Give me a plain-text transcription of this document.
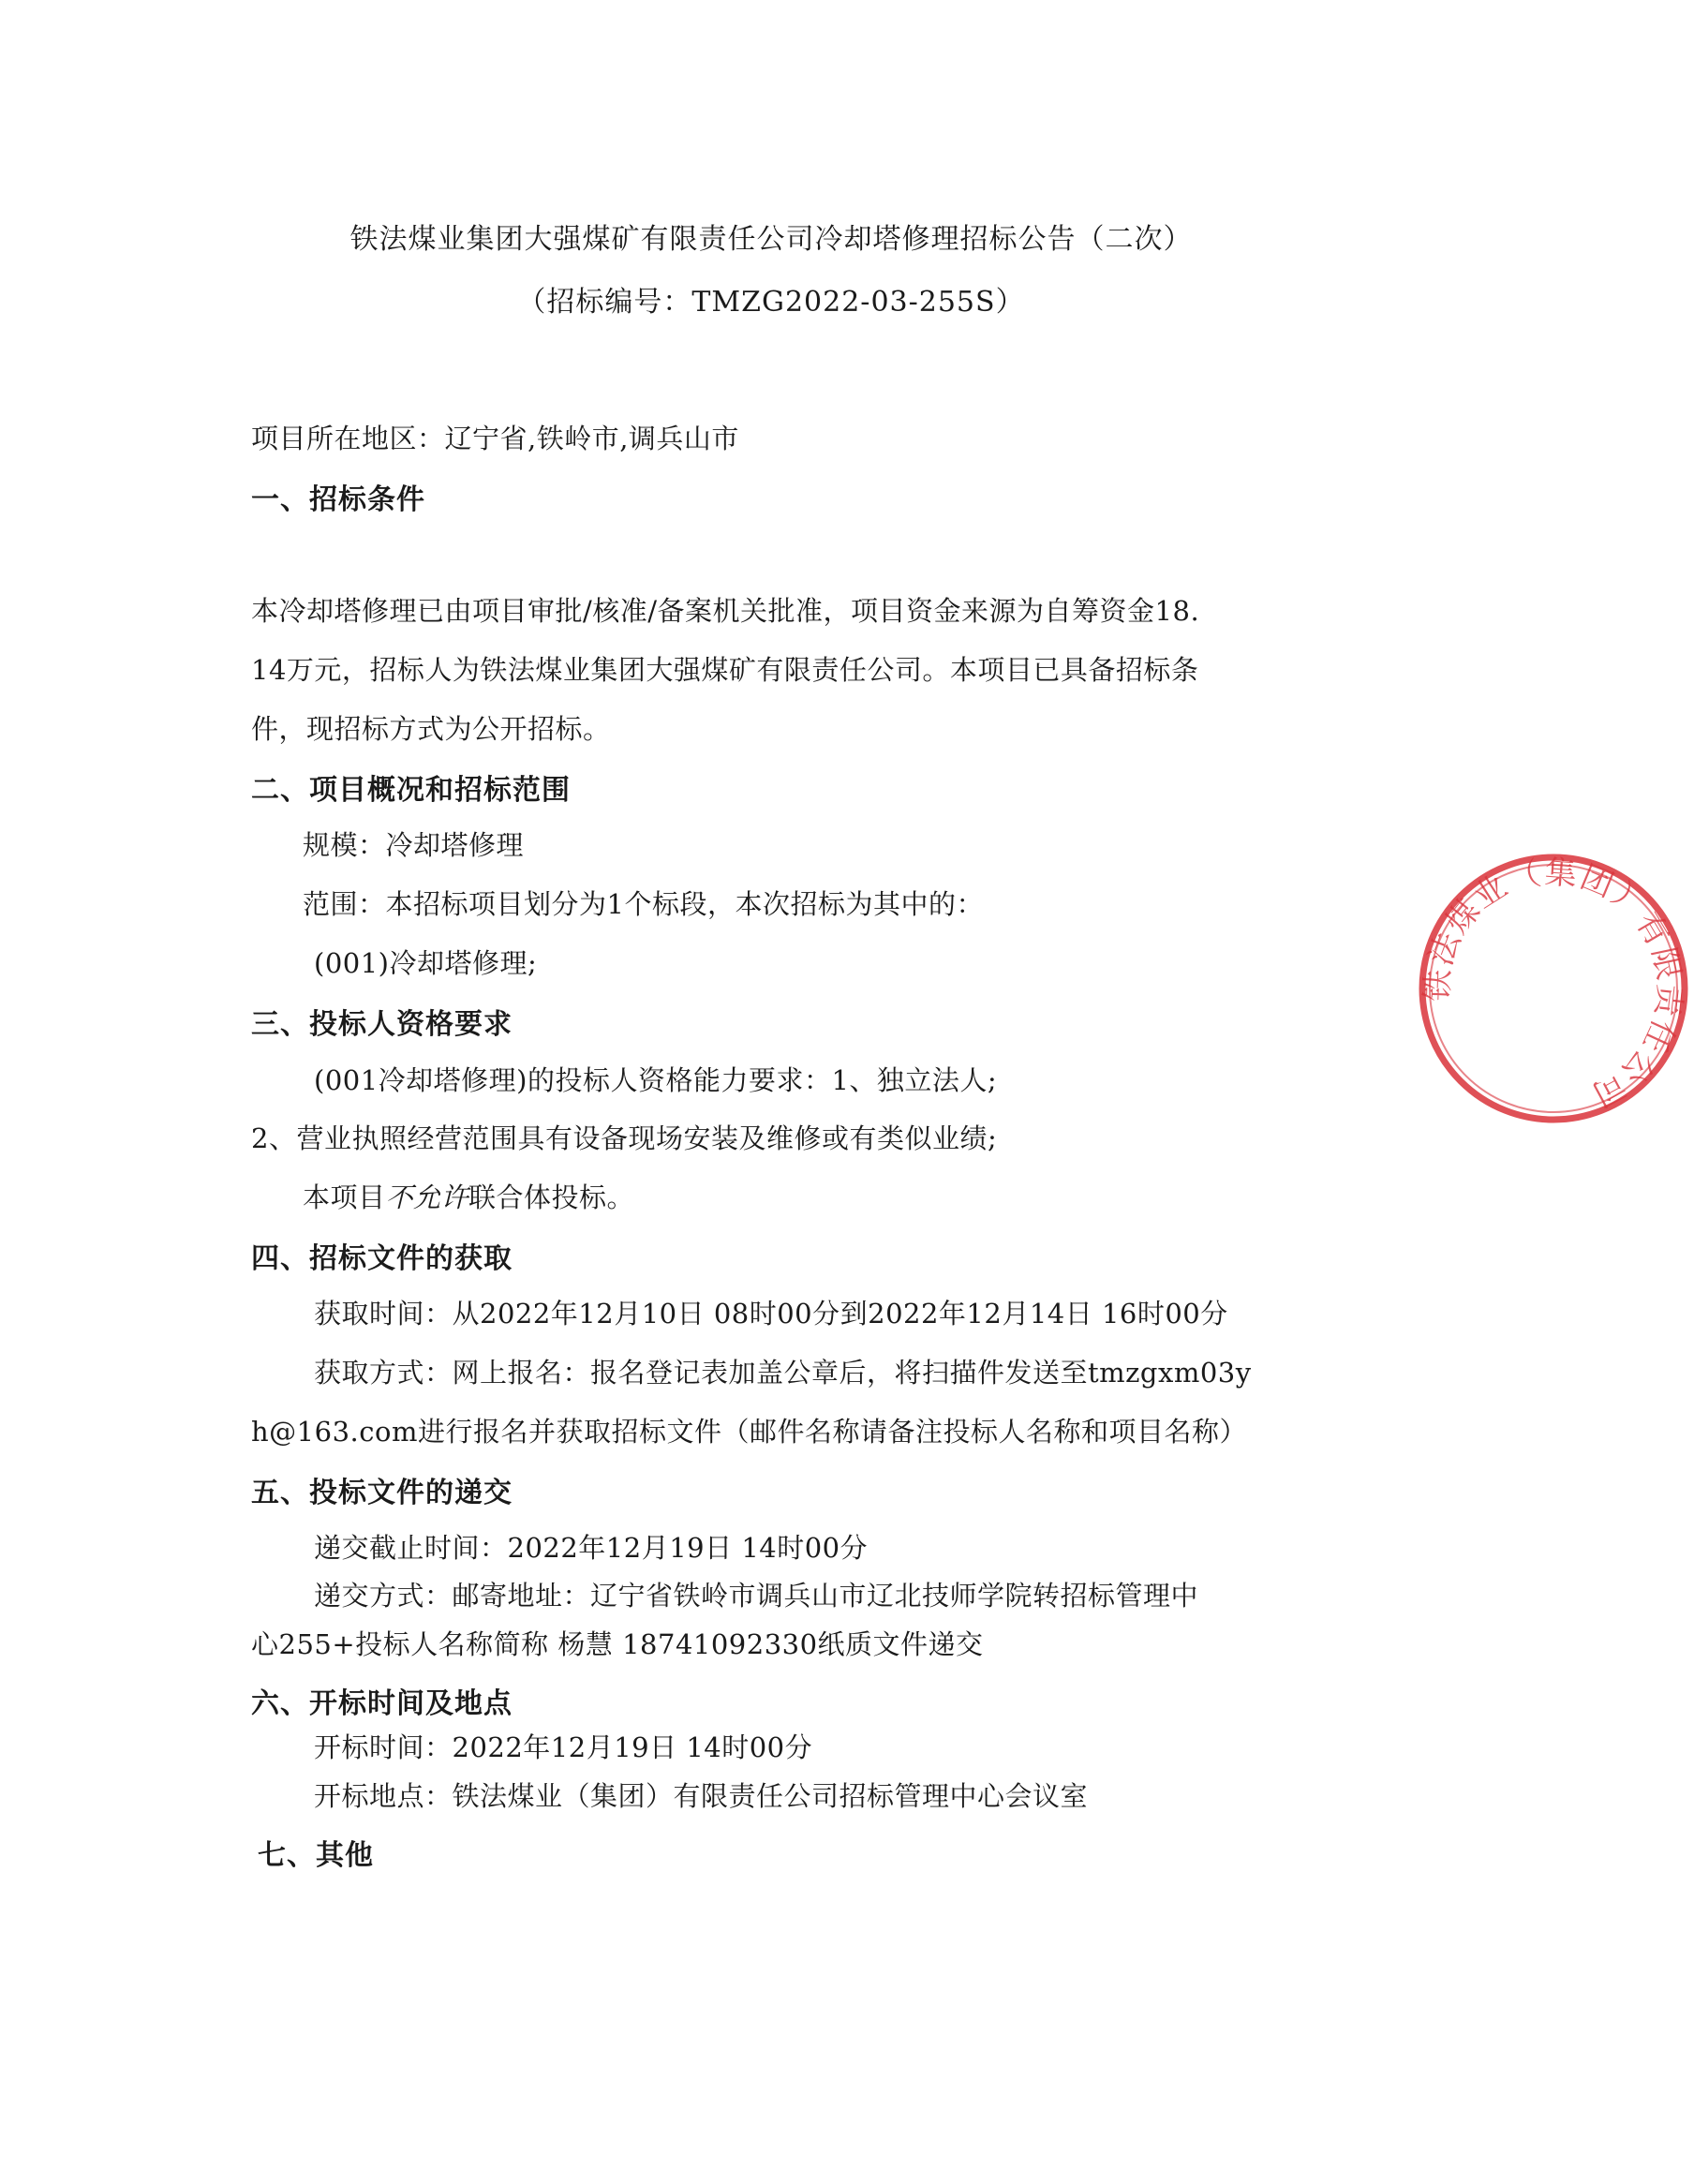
铁法煤业集团大强煤矿有限责任公司冷却塔修理招标公告（二次）
（招标编号：TMZG2022-03-255S）
项目所在地区：辽宁省,铁岭市,调兵山市
一、招标条件
本冷却塔修理已由项目审批/核准/备案机关批准，项目资金来源为自筹资金18.
14万元，招标人为铁法煤业集团大强煤矿有限责任公司。本项目已具备招标条
件，现招标方式为公开招标。
二、项目概况和招标范围
规模：冷却塔修理
范围：本招标项目划分为1个标段，本次招标为其中的：
(001)冷却塔修理;
三、投标人资格要求
(001冷却塔修理)的投标人资格能力要求：1、独立法人;
2、营业执照经营范围具有设备现场安装及维修或有类似业绩;
本项目不允许联合体投标。
四、招标文件的获取
获取时间：从2022年12月10日 08时00分到2022年12月14日 16时00分
获取方式：网上报名：报名登记表加盖公章后，将扫描件发送至tmzgxm03y
h@163.com进行报名并获取招标文件（邮件名称请备注投标人名称和项目名称）
五、投标文件的递交
递交截止时间：2022年12月19日 14时00分
递交方式：邮寄地址：辽宁省铁岭市调兵山市辽北技师学院转招标管理中
心255+投标人名称简称 杨慧 18741092330纸质文件递交
六、开标时间及地点
开标时间：2022年12月19日 14时00分
开标地点：铁法煤业（集团）有限责任公司招标管理中心会议室
七、其他
铁法煤业（集团）有限责任公司
